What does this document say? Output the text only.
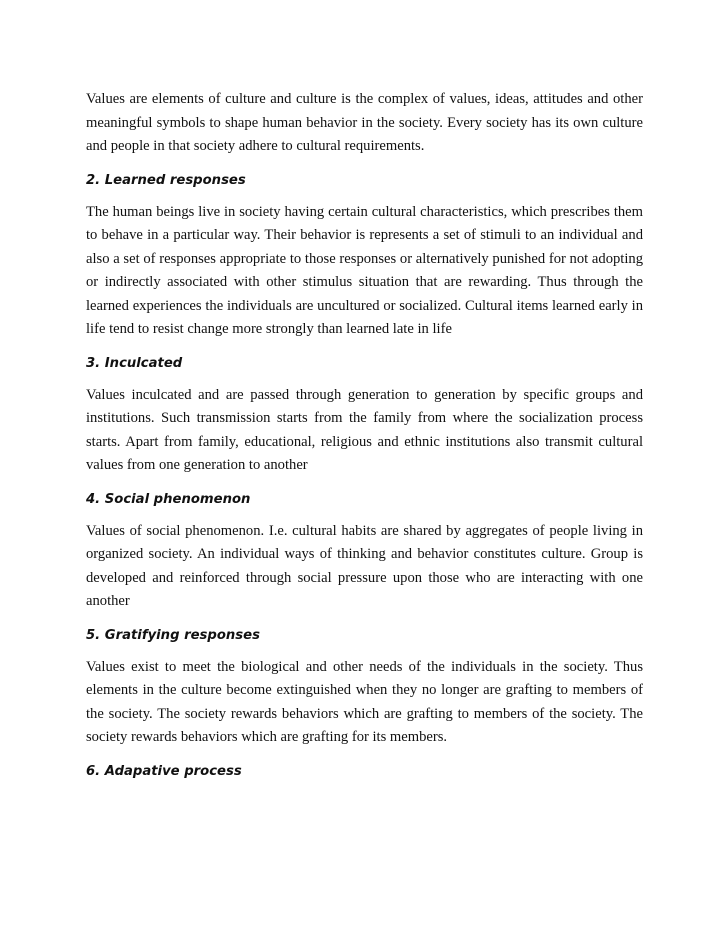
Values are elements of culture and culture is the complex of values, ideas, attitudes and other meaningful symbols to shape human behavior in the society. Every society has its own culture and people in that society adhere to cultural requirements.

2. Learned responses

The human beings live in society having certain cultural characteristics, which prescribes them to behave in a particular way. Their behavior is represents a set of stimuli to an individual and also a set of responses appropriate to those responses or alternatively punished for not adopting or indirectly associated with other stimulus situation that are rewarding. Thus through the learned experiences the individuals are uncultured or socialized. Cultural items learned early in life tend to resist change more strongly than learned late in life

3. Inculcated

Values inculcated and are passed through generation to generation by specific groups and institutions. Such transmission starts from the family from where the socialization process starts. Apart from family, educational, religious and ethnic institutions also transmit cultural values from one generation to another

4. Social phenomenon

Values of social phenomenon. I.e. cultural habits are shared by aggregates of people living in organized society. An individual ways of thinking and behavior constitutes culture. Group is developed and reinforced through social pressure upon those who are interacting with one another

5. Gratifying responses

Values exist to meet the biological and other needs of the individuals in the society. Thus elements in the culture become extinguished when they no longer are grafting to members of the society. The society rewards behaviors which are grafting to members of the society. The society rewards behaviors which are grafting for its members.

6. Adapative process
